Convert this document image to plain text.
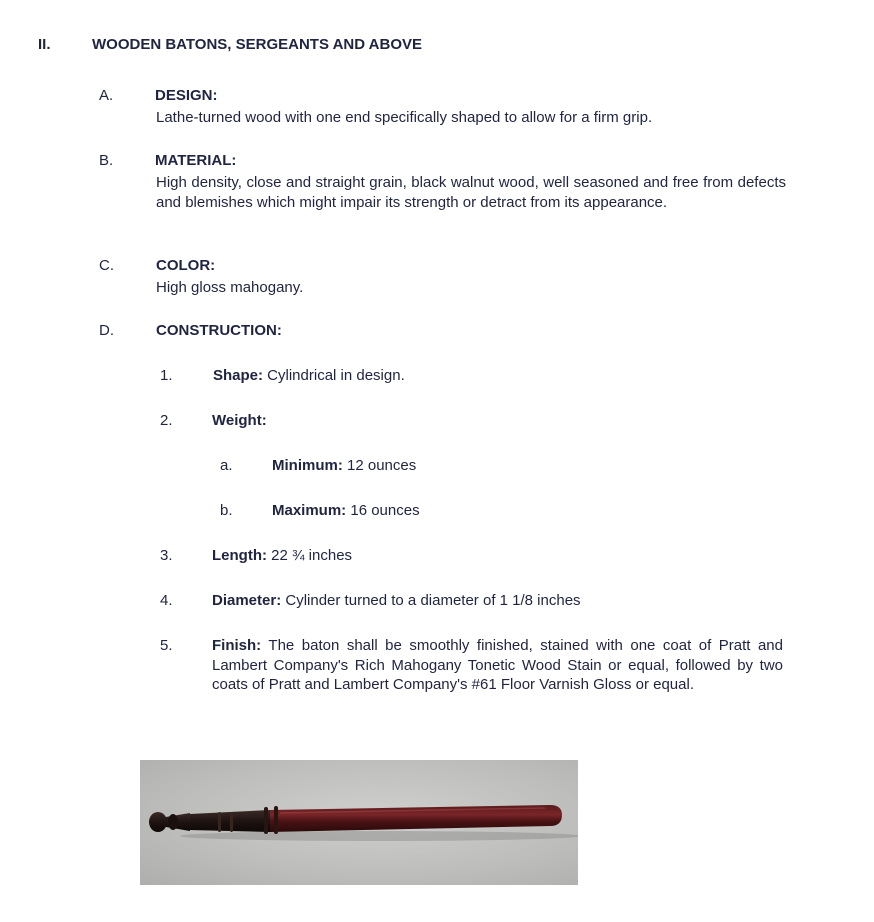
II.	WOODEN BATONS, SERGEANTS AND ABOVE
A.	DESIGN:
Lathe-turned wood with one end specifically shaped to allow for a firm grip.
B.	MATERIAL:
High density, close and straight grain, black walnut wood, well seasoned and free from defects and blemishes which might impair its strength or detract from its appearance.
C.	COLOR:
High gloss mahogany.
D.	CONSTRUCTION:
1.	Shape: Cylindrical in design.
2.	Weight:
a.	Minimum: 12 ounces
b.	Maximum: 16 ounces
3.	Length: 22 ¾ inches
4.	Diameter: Cylinder turned to a diameter of 1 1/8 inches
5.	Finish: The baton shall be smoothly finished, stained with one coat of Pratt and Lambert Company's Rich Mahogany Tonetic Wood Stain or equal, followed by two coats of Pratt and Lambert Company's #61 Floor Varnish Gloss or equal.
